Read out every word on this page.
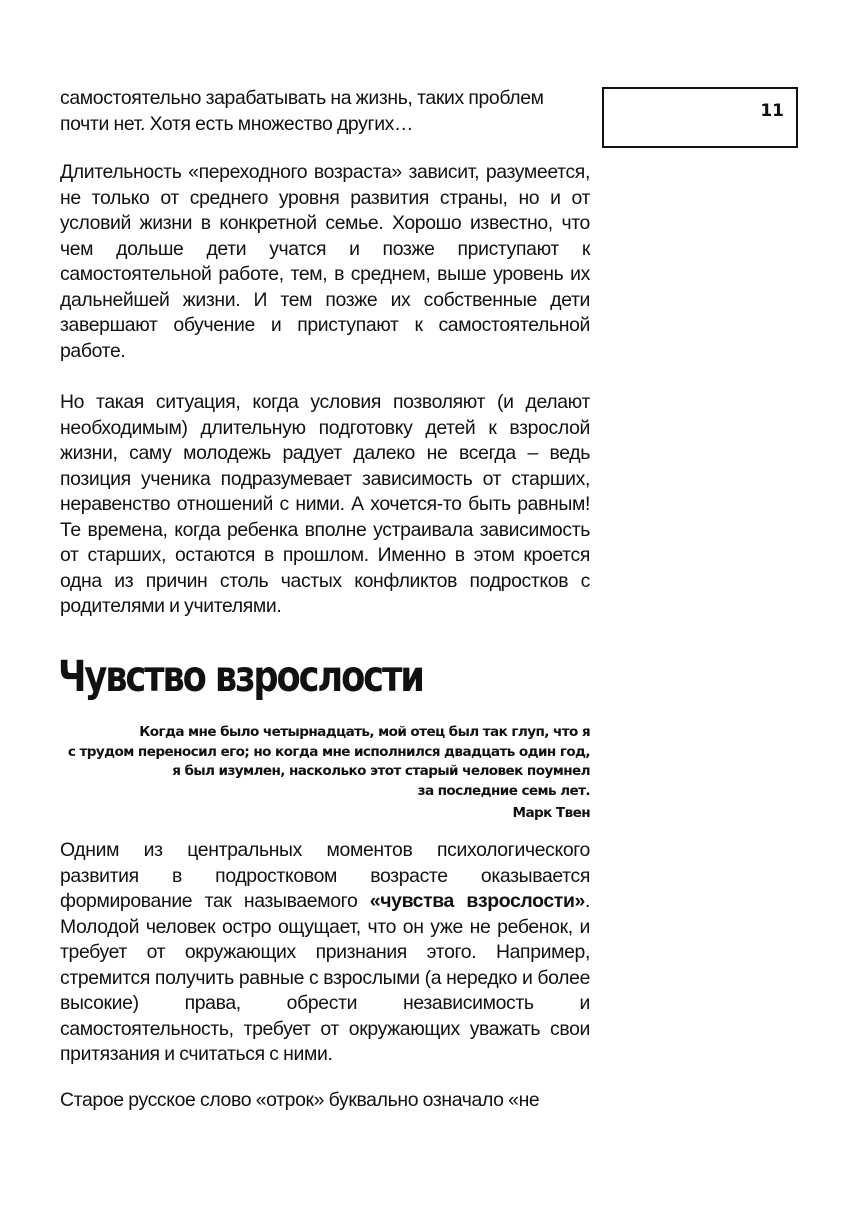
11

самостоятельно зарабатывать на жизнь, таких проблем почти нет. Хотя есть множество других…

Длительность «переходного возраста» зависит, разумеется, не только от среднего уровня развития страны, но и от условий жизни в конкретной семье. Хорошо известно, что чем дольше дети учатся и позже приступают к самостоятельной работе, тем, в среднем, выше уровень их дальнейшей жизни. И тем позже их собственные дети завершают обучение и приступают к самостоятельной работе.

Но такая ситуация, когда условия позволяют (и делают необходимым) длительную подготовку детей к взрослой жизни, саму молодежь радует далеко не всегда – ведь позиция ученика подразумевает зависимость от старших, неравенство отношений с ними. А хочется-то быть равным! Те времена, когда ребенка вполне устраивала зависимость от старших, остаются в прошлом. Именно в этом кроется одна из причин столь частых конфликтов подростков с родителями и учителями.

Чувство взрослости
Когда мне было четырнадцать, мой отец был так глуп, что я
с трудом переносил его; но когда мне исполнился двадцать один год,
я был изумлен, насколько этот старый человек поумнел
за последние семь лет.
Марк Твен

Одним из центральных моментов психологического развития в подростковом возрасте оказывается формирование так называемого «чувства взрослости». Молодой человек остро ощущает, что он уже не ребенок, и требует от окружающих признания этого. Например, стремится получить равные с взрослыми (а нередко и более высокие) права, обрести независимость и самостоятельность, требует от окружающих уважать свои притязания и считаться с ними.

Старое русское слово «отрок» буквально означало «не
